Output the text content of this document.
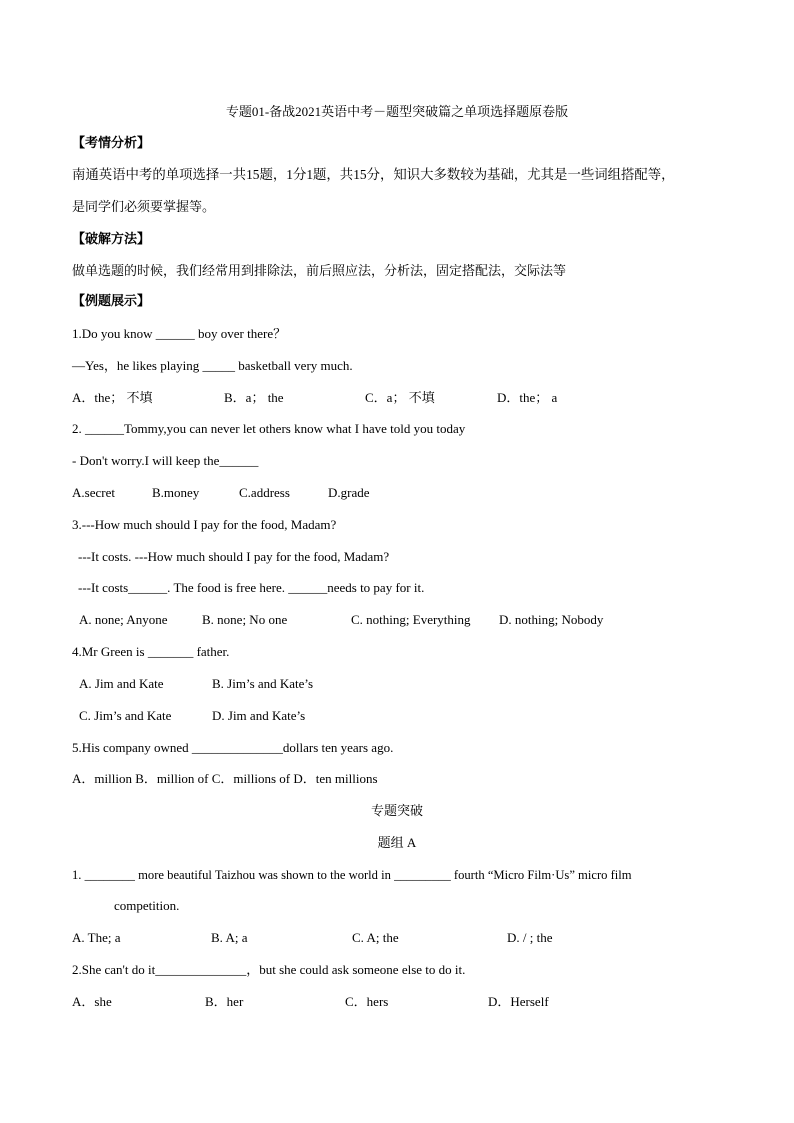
专题01-备战2021英语中考－题型突破篇之单项选择题原卷版
【考情分析】
南通英语中考的单项选择一共15题，1分1题，共15分，知识大多数较为基础，尤其是一些词组搭配等，
是同学们必须要掌握等。
【破解方法】
做单选题的时候，我们经常用到排除法，前后照应法，分析法，固定搭配法，交际法等
【例题展示】
1.Do you know ______ boy over there？
—Yes，he likes playing _____ basketball very much.
A．the； 不填	B．a； the	C．a； 不填	D．the； a
2. ______Tommy,you can never let others know what I have told you today
- Don't worry.I will keep the______
A.secret	B.money	C.address	D.grade
3.---How much should I pay for the food, Madam?
---It costs. ---How much should I pay for the food, Madam?
---It costs______. The food is free here. ______needs to pay for it.
A. none; Anyone	B. none; No one	C. nothing; Everything D. nothing; Nobody
4.Mr Green is _______ father.
A. Jim and Kate	B. Jim’s and Kate’s
C. Jim’s and Kate	D. Jim and Kate’s
5.His company owned ______________dollars ten years ago.
A．million B．million of C．millions of D．ten millions
专题突破
题组 A
1. ________ more beautiful Taizhou was shown to the world in _________ fourth “Micro Film·Us” micro film
competition.
A. The; a	B. A; a	C. A; the	D. / ; the
2.She can't do it______________，but she could ask someone else to do it.
A．she	B．her	C．hers	D．Herself
